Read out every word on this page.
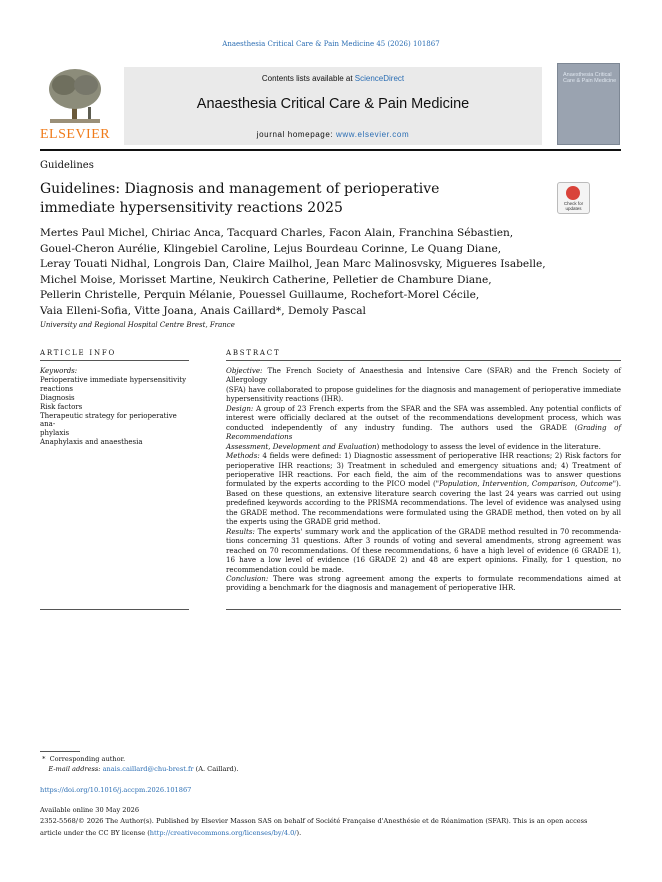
Anaesthesia Critical Care & Pain Medicine 45 (2026) 101867
ELSEVIER
Contents lists available at ScienceDirect
Anaesthesia Critical Care & Pain Medicine
journal homepage: www.elsevier.com
Anaesthesia Critical Care & Pain Medicine
Guidelines
Guidelines: Diagnosis and management of perioperative immediate hypersensitivity reactions 2025	Check for
updates
Mertes Paul Michel, Chiriac Anca, Tacquard Charles, Facon Alain, Franchina Sébastien,
Gouel-Cheron Aurélie, Klingebiel Caroline, Lejus Bourdeau Corinne, Le Quang Diane,
Leray Touati Nidhal, Longrois Dan, Claire Mailhol, Jean Marc Malinosvsky, Migueres Isabelle,
Michel Moise, Morisset Martine, Neukirch Catherine, Pelletier de Chambure Diane,
Pellerin Christelle, Perquin Mélanie, Pouessel Guillaume, Rochefort-Morel Cécile,
Vaia Elleni-Sofia, Vitte Joana, Anais Caillard*, Demoly Pascal
University and Regional Hospital Centre Brest, France
ARTICLE INFO	ABSTRACT
Keywords:
Perioperative immediate hypersensitivity
reactions
Diagnosis
Risk factors
Therapeutic strategy for perioperative ana-
phylaxis
Anaphylaxis and anaesthesia
Objective: The French Society of Anaesthesia and Intensive Care (SFAR) and the French Society of Allergology
(SFA) have collaborated to propose guidelines for the diagnosis and management of perioperative immediate
hypersensitivity reactions (IHR).
Design: A group of 23 French experts from the SFAR and the SFA was assembled. Any potential conflicts of
interest were officially declared at the outset of the recommendations development process, which was
conducted independently of any industry funding. The authors used the GRADE (Grading of Recommendations
Assessment, Development and Evaluation) methodology to assess the level of evidence in the literature.
Methods: 4 fields were defined: 1) Diagnostic assessment of perioperative IHR reactions; 2) Risk factors for
perioperative IHR reactions; 3) Treatment in scheduled and emergency situations and; 4) Treatment of
perioperative IHR reactions. For each field, the aim of the recommendations was to answer questions
formulated by the experts according to the PICO model ("Population, Intervention, Comparison, Outcome").
Based on these questions, an extensive literature search covering the last 24 years was carried out using
predefined keywords according to the PRISMA recommendations. The level of evidence was analysed using
the GRADE method. The recommendations were formulated using the GRADE method, then voted on by all
the experts using the GRADE grid method.
Results: The experts' summary work and the application of the GRADE method resulted in 70 recommenda-
tions concerning 31 questions. After 3 rounds of voting and several amendments, strong agreement was
reached on 70 recommendations. Of these recommendations, 6 have a high level of evidence (6 GRADE 1),
16 have a low level of evidence (16 GRADE 2) and 48 are expert opinions. Finally, for 1 question, no
recommendation could be made.
Conclusion: There was strong agreement among the experts to formulate recommendations aimed at
providing a benchmark for the diagnosis and management of perioperative IHR.
* Corresponding author.
E-mail address: anais.caillard@chu-brest.fr (A. Caillard).
https://doi.org/10.1016/j.accpm.2026.101867
Available online 30 May 2026
2352-5568/© 2026 The Author(s). Published by Elsevier Masson SAS on behalf of Société Française d'Anesthésie et de Réanimation (SFAR). This is an open access
article under the CC BY license (http://creativecommons.org/licenses/by/4.0/).
